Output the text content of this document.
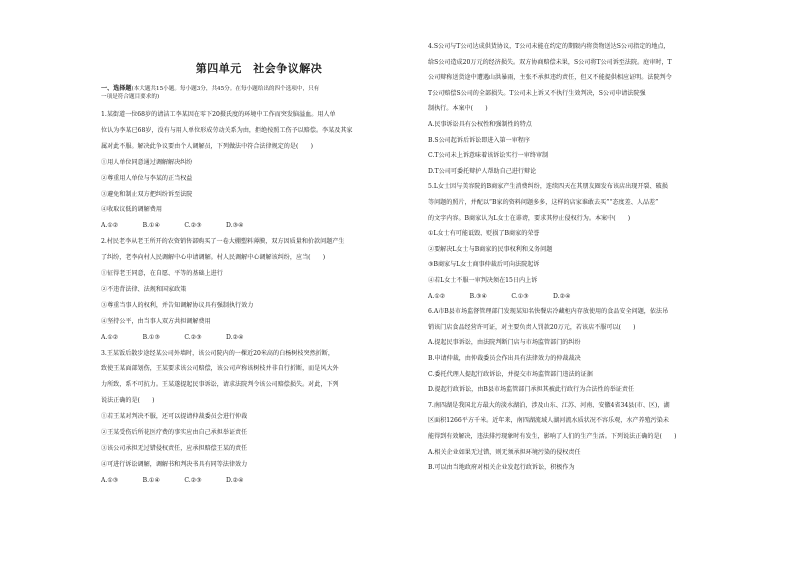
第四单元　社会争议解决
一、选择题(本大题共15小题。每小题3分，共45分。在每小题给出的四个选项中，只有
一项是符合题目要求的)
1.某街道一位68岁的请洁工李某因在零下20摄氏度的环境中工作而突发脑溢血。用人单
位认为李某已68岁，没有与用人单位形成劳动关系为由，拒绝按照工伤予以赔偿。李某及其家
属对此不服。解决此争议要由个人调解员，下列做法中符合法律规定的是(　　)
①用人单位同意通过调解解决纠纷
②尊重用人单位与李某的正当权益
③避免和制止双方把纠纷诉至法院
④收取议低的调解费用
A.①②　　　　B.①④　　　　C.②③　　　　D.③④
2.村民老李从老王所开的农资销售部购买了一卷大棚塑料薄膜，双方因质量和价款问题产生
了纠纷，老李向村人民调解中心申请调解。村人民调解中心调解该纠纷，应当(　　)
①征得老王同意，在自愿、平等的基础上进行
②不违背法律、法规和国家政策
③尊重当事人的权利，并告知调解协议具有强制执行效力
④坚持公平，由当事人双方共担调解费用
A.①②　　　　B.①③　　　　C.②③　　　　D.②④
3.王某饭后散步途经某公司外墙时，该公司院内的一棵近20米高的白杨树枝突然折断，
致使王某面部划伤，王某要求该公司赔偿，该公司声称该树枝并非自行折断，而是风大外
力所致，系不可抗力。王某遂提起民事诉讼，请求法院判令该公司赔偿损失。对此，下列
说法正确的是(　　)
①若王某对判决不服，还可以提请仲裁委员会进行仲裁
②王某受伤后所花医疗费的事实应由自己承担举证责任
③该公司承担无过错侵权责任，应承担赔偿王某的责任
④可进行诉讼调解，调解书和判决书具有同等法律效力
A.①③　　　　B.①④　　　　C.②③　　　　D.②④
4.S公司与T公司达成供货协议，T公司未能在约定的期限内将货物送达S公司指定的地点，
给S公司造成20万元的经济损失。双方协商赔偿未果，S公司将T公司诉至法院。庭审时，T
公司辩称送货途中遭遇山洪暴雨，主张不承担违约责任，但又不能提供相应证明。法院判令
T公司赔偿S公司的全部损失。T公司未上诉又不执行生效判决，S公司申请法院强
制执行。本案中(　　)
A.民事诉讼具有公权性和强制性的特点
B.S公司起诉后诉讼即进入第一审程序
C.T公司未上诉意味着该诉讼实行一审终审制
D.T公司可委托辩护人帮助自己进行辩论
5.L女士因与美容院的B商家产生消费纠纷，连续四天在其朋友圈发布该店出现开裂、破损
等问题的照片，并配以“B家的资料问题多多，这样的店家谁敢去买”“态度差、人品差”
的文字内容。B商家认为L女士在诽谤，要求其停止侵权行为。本案中(　　)
①L女士有可能诋毁、贬损了B商家的荣誉
②要解决L女士与B商家的民事权利和义务问题
③B商家与L女士商事仲裁后可向法院起诉
④若L女士不服一审判决须在15日内上诉
A.①②　　　　B.③④　　　　C.①③　　　　D.②④
6.A市B县市场监督管理部门发现某知名快餐店冷藏柜内存放使用的食品安全问题，依法吊
销该门店食品经营许可证，对主要负责人罚款20万元，若该店不服可以(　　)
A.提起民事诉讼，由法院判断门店与市场监管部门的纠纷
B.申请仲裁，由仲裁委员会作出具有法律效力的仲裁裁决
C.委托代理人提起行政诉讼，并提交市场监管部门违法的证据
D.提起行政诉讼，由B县市场监管部门承担其被此行政行为合法性的举证责任
7.南四湖是我国北方最大的淡水湖泊，涉及山东、江苏、河南、安徽4省34县(市、区)，湖
区面积1266平方千米。近年来，南四湖流域人湖河流水质状况不容乐观，水产养殖污染未
能得到有效解决，违法排污现象时有发生，影响了人们的生产生活。下列说法正确的是(　　)
A.相关企业如果无过错，则无须承担环境污染的侵权责任
B.可以由当地政府对相关企业发起行政诉讼，积极作为
